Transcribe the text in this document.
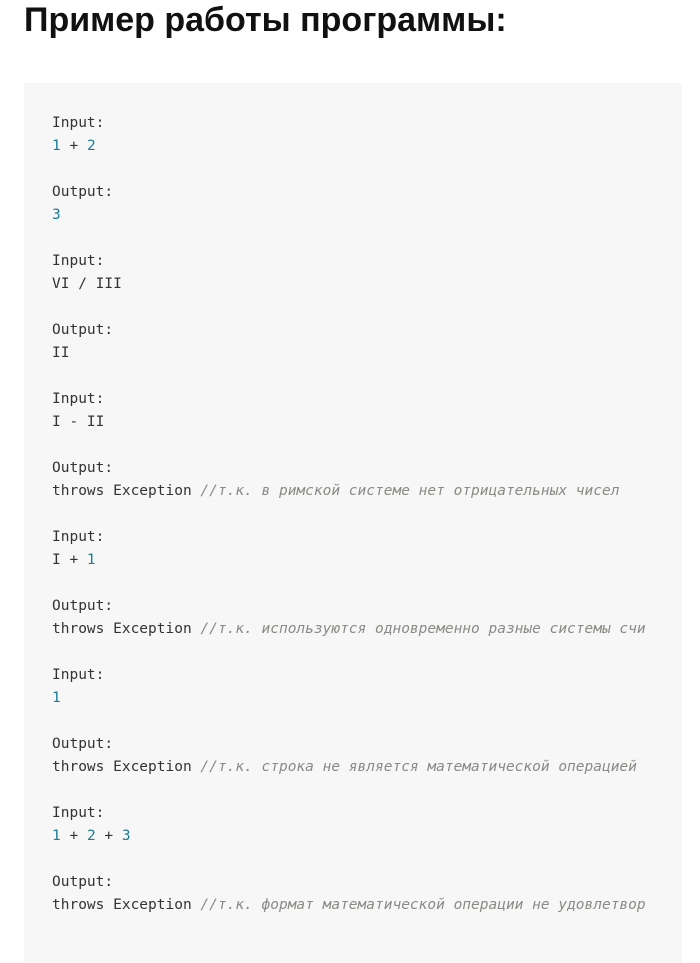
Пример работы программы:
Input:
1 + 2

Output:
3

Input:
VI / III

Output:
II

Input:
I - II

Output:
throws Exception //т.к. в римской системе нет отрицательных чисел

Input:
I + 1

Output:
throws Exception //т.к. используются одновременно разные системы счи

Input:
1

Output:
throws Exception //т.к. строка не является математической операцией

Input:
1 + 2 + 3

Output:
throws Exception //т.к. формат математической операции не удовлетвор
